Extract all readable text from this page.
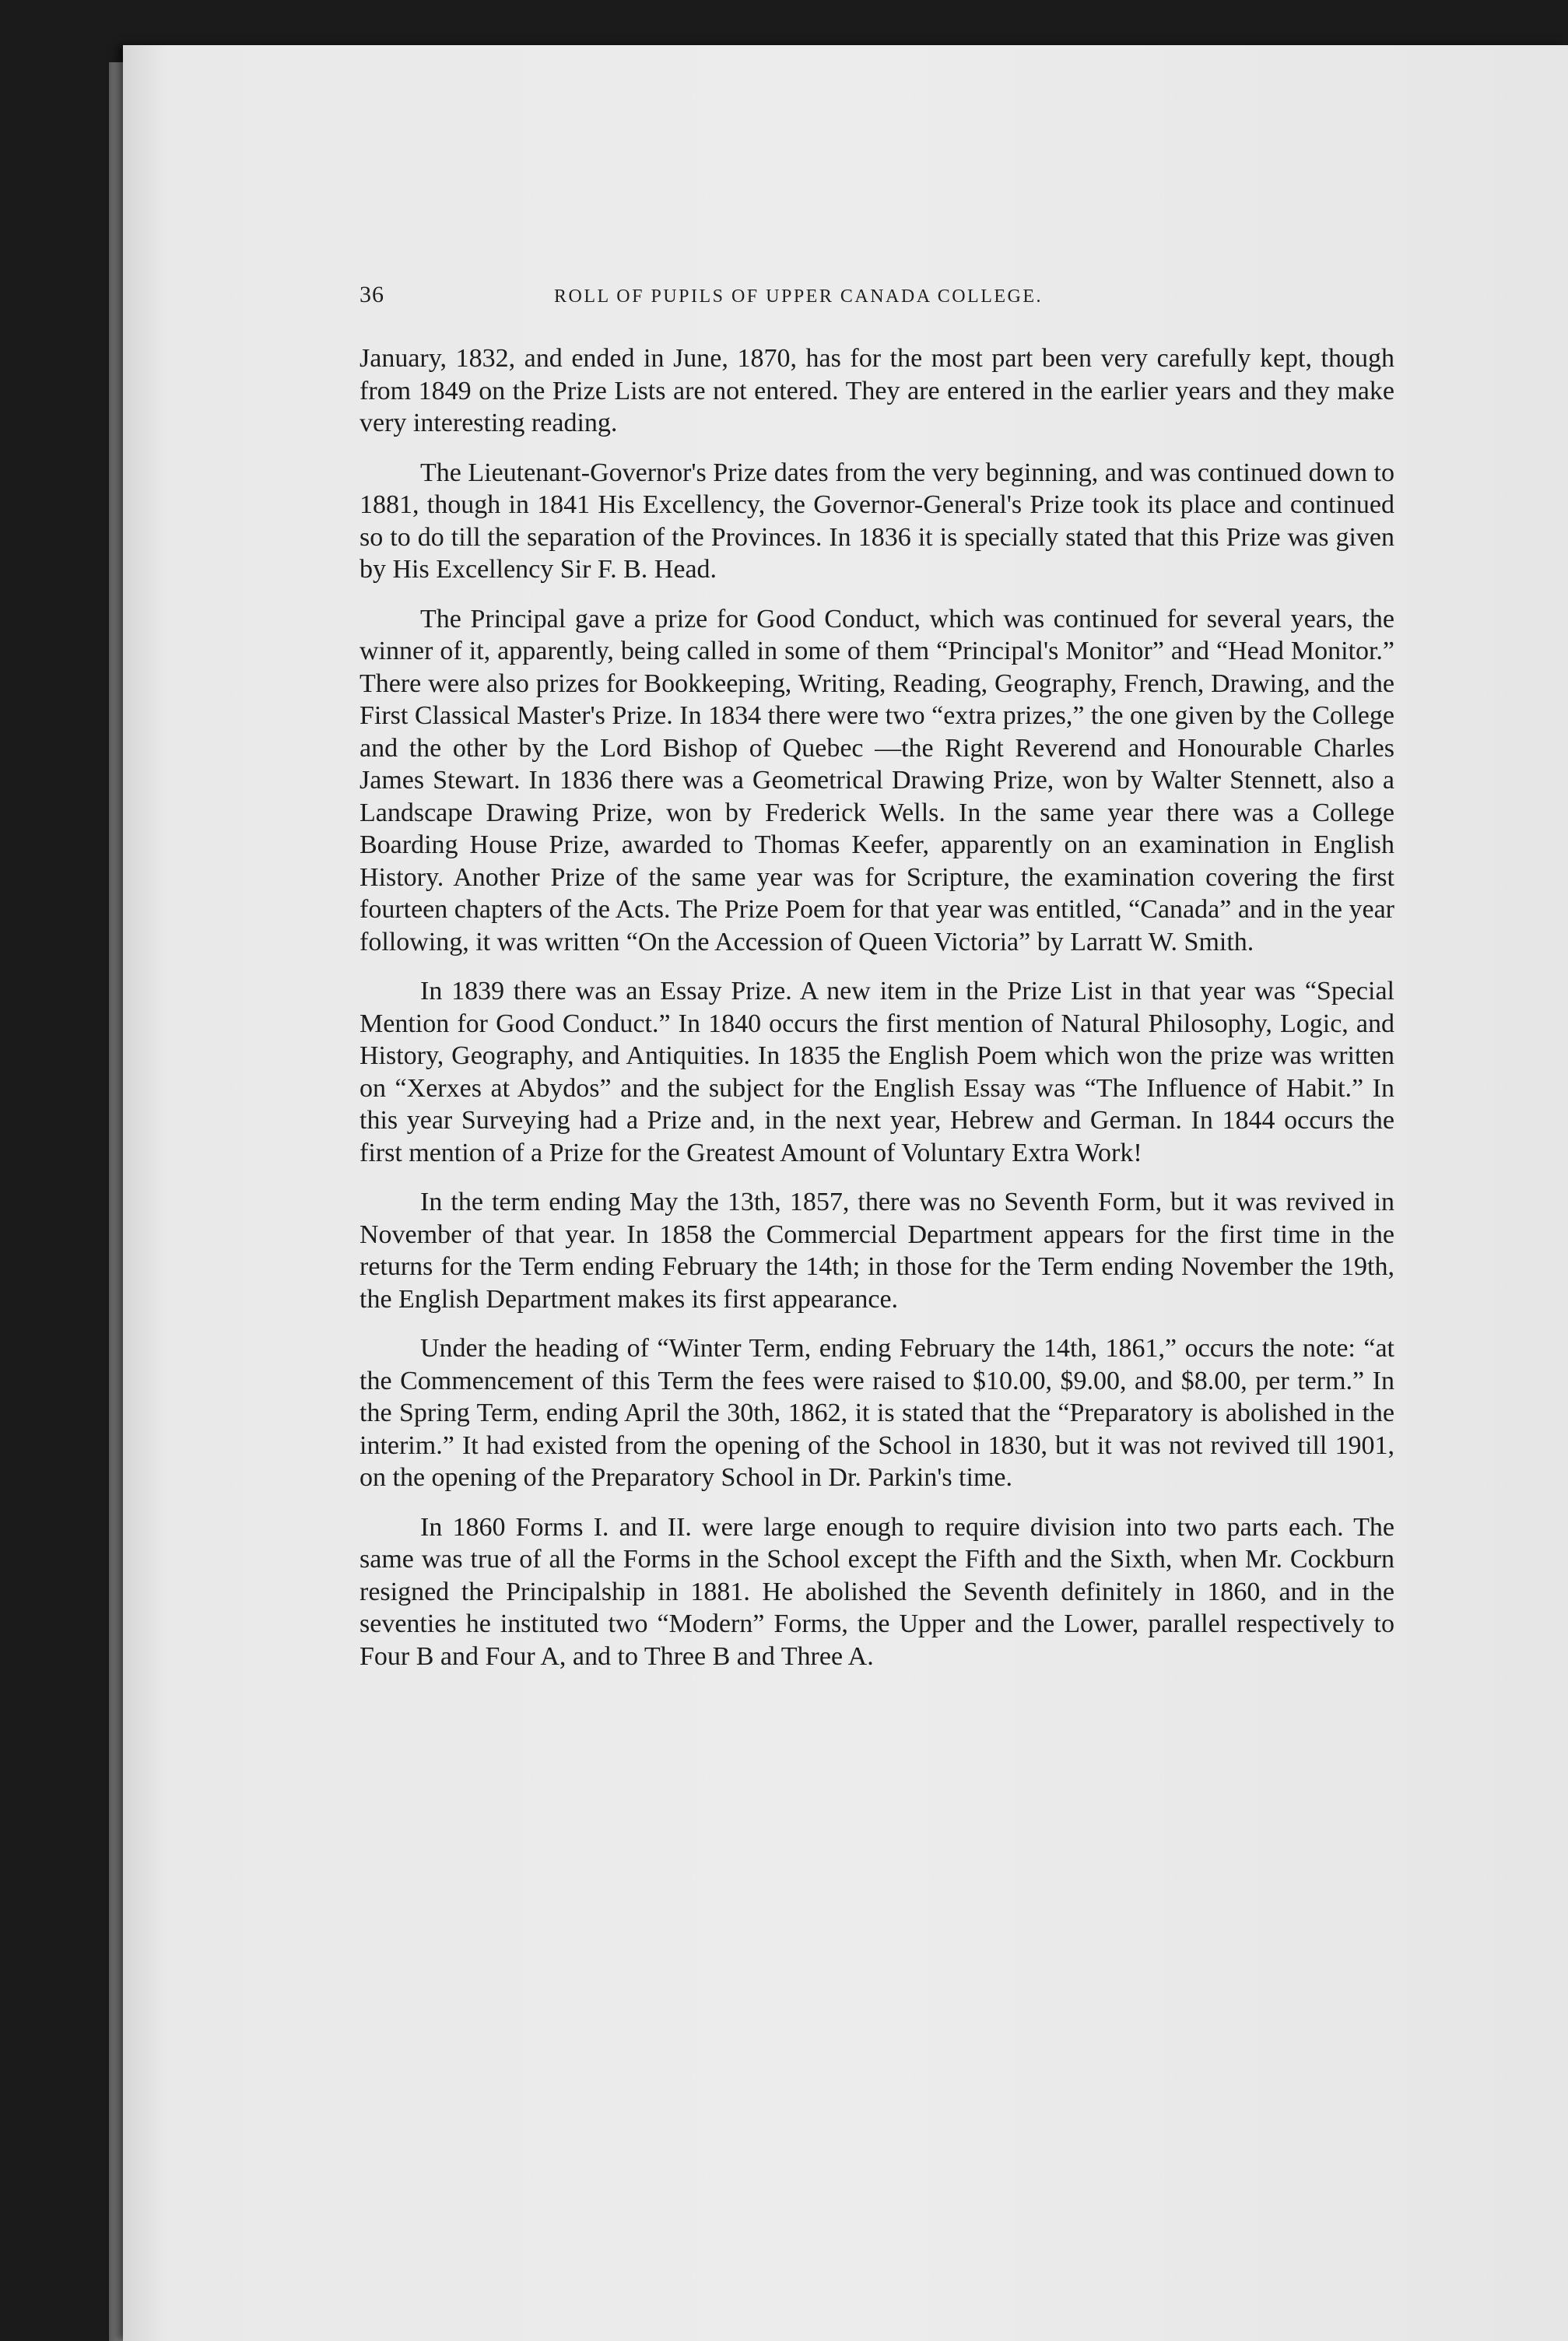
36	ROLL OF PUPILS OF UPPER CANADA COLLEGE.

January, 1832, and ended in June, 1870, has for the most part been very carefully kept, though from 1849 on the Prize Lists are not entered. They are entered in the earlier years and they make very interesting reading.

The Lieutenant-Governor's Prize dates from the very beginning, and was continued down to 1881, though in 1841 His Excellency, the Governor-General's Prize took its place and continued so to do till the separation of the Provinces. In 1836 it is specially stated that this Prize was given by His Excellency Sir F. B. Head.

The Principal gave a prize for Good Conduct, which was continued for several years, the winner of it, apparently, being called in some of them “Principal's Monitor” and “Head Monitor.” There were also prizes for Bookkeeping, Writing, Reading, Geography, French, Drawing, and the First Classical Master's Prize. In 1834 there were two “extra prizes,” the one given by the College and the other by the Lord Bishop of Quebec —the Right Reverend and Honourable Charles James Stewart. In 1836 there was a Geometrical Drawing Prize, won by Walter Stennett, also a Landscape Drawing Prize, won by Frederick Wells. In the same year there was a College Boarding House Prize, awarded to Thomas Keefer, apparently on an examination in English History. Another Prize of the same year was for Scripture, the examination covering the first fourteen chapters of the Acts. The Prize Poem for that year was entitled, “Canada” and in the year following, it was written “On the Accession of Queen Victoria” by Larratt W. Smith.

In 1839 there was an Essay Prize. A new item in the Prize List in that year was “Special Mention for Good Conduct.” In 1840 occurs the first mention of Natural Philosophy, Logic, and History, Geography, and Antiquities. In 1835 the English Poem which won the prize was written on “Xerxes at Abydos” and the subject for the English Essay was “The Influence of Habit.” In this year Surveying had a Prize and, in the next year, Hebrew and German. In 1844 occurs the first mention of a Prize for the Greatest Amount of Voluntary Extra Work!

In the term ending May the 13th, 1857, there was no Seventh Form, but it was revived in November of that year. In 1858 the Commercial Department appears for the first time in the returns for the Term ending February the 14th; in those for the Term ending November the 19th, the English Department makes its first appearance.

Under the heading of “Winter Term, ending February the 14th, 1861,” occurs the note: “at the Commencement of this Term the fees were raised to $10.00, $9.00, and $8.00, per term.” In the Spring Term, ending April the 30th, 1862, it is stated that the “Preparatory is abolished in the interim.” It had existed from the opening of the School in 1830, but it was not revived till 1901, on the opening of the Preparatory School in Dr. Parkin's time.

In 1860 Forms I. and II. were large enough to require division into two parts each. The same was true of all the Forms in the School except the Fifth and the Sixth, when Mr. Cockburn resigned the Principalship in 1881. He abolished the Seventh definitely in 1860, and in the seventies he instituted two “Modern” Forms, the Upper and the Lower, parallel respectively to Four B and Four A, and to Three B and Three A.
